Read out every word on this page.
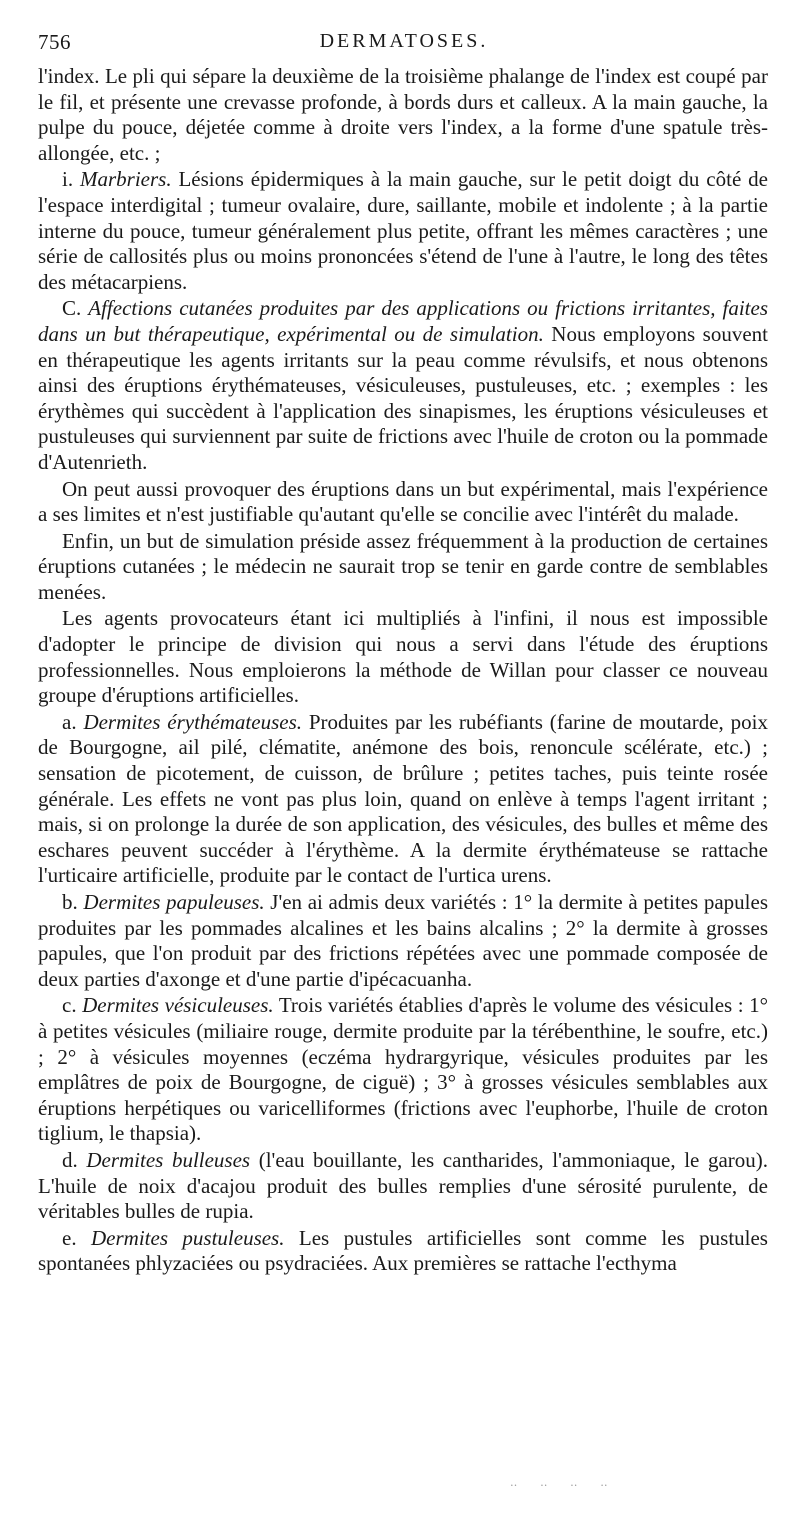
756	DERMATOSES.

l'index. Le pli qui sépare la deuxième de la troisième phalange de l'index est coupé par le fil, et présente une crevasse profonde, à bords durs et calleux. A la main gauche, la pulpe du pouce, déjetée comme à droite vers l'index, a la forme d'une spatule très-allongée, etc. ;

i. Marbriers. Lésions épidermiques à la main gauche, sur le petit doigt du côté de l'espace interdigital ; tumeur ovalaire, dure, saillante, mobile et indolente ; à la partie interne du pouce, tumeur généralement plus petite, offrant les mêmes caractères ; une série de callosités plus ou moins prononcées s'étend de l'une à l'autre, le long des têtes des métacarpiens.

C. Affections cutanées produites par des applications ou frictions irritantes, faites dans un but thérapeutique, expérimental ou de simulation. Nous employons souvent en thérapeutique les agents irritants sur la peau comme révulsifs, et nous obtenons ainsi des éruptions érythémateuses, vésiculeuses, pustuleuses, etc. ; exemples : les érythèmes qui succèdent à l'application des sinapismes, les éruptions vésiculeuses et pustuleuses qui surviennent par suite de frictions avec l'huile de croton ou la pommade d'Autenrieth.

On peut aussi provoquer des éruptions dans un but expérimental, mais l'expérience a ses limites et n'est justifiable qu'autant qu'elle se concilie avec l'intérêt du malade.

Enfin, un but de simulation préside assez fréquemment à la production de certaines éruptions cutanées ; le médecin ne saurait trop se tenir en garde contre de semblables menées.

Les agents provocateurs étant ici multipliés à l'infini, il nous est impossible d'adopter le principe de division qui nous a servi dans l'étude des éruptions professionnelles. Nous emploierons la méthode de Willan pour classer ce nouveau groupe d'éruptions artificielles.

a. Dermites érythémateuses. Produites par les rubéfiants (farine de moutarde, poix de Bourgogne, ail pilé, clématite, anémone des bois, renoncule scélérate, etc.) ; sensation de picotement, de cuisson, de brûlure ; petites taches, puis teinte rosée générale. Les effets ne vont pas plus loin, quand on enlève à temps l'agent irritant ; mais, si on prolonge la durée de son application, des vésicules, des bulles et même des eschares peuvent succéder à l'érythème. A la dermite érythémateuse se rattache l'urticaire artificielle, produite par le contact de l'urtica urens.

b. Dermites papuleuses. J'en ai admis deux variétés : 1° la dermite à petites papules produites par les pommades alcalines et les bains alcalins ; 2° la dermite à grosses papules, que l'on produit par des frictions répétées avec une pommade composée de deux parties d'axonge et d'une partie d'ipécacuanha.

c. Dermites vésiculeuses. Trois variétés établies d'après le volume des vésicules : 1° à petites vésicules (miliaire rouge, dermite produite par la térébenthine, le soufre, etc.) ; 2° à vésicules moyennes (eczéma hydrargyrique, vésicules produites par les emplâtres de poix de Bourgogne, de ciguë) ; 3° à grosses vésicules semblables aux éruptions herpétiques ou varicelliformes (frictions avec l'euphorbe, l'huile de croton tiglium, le thapsia).

d. Dermites bulleuses (l'eau bouillante, les cantharides, l'ammoniaque, le garou). L'huile de noix d'acajou produit des bulles remplies d'une sérosité purulente, de véritables bulles de rupia.

e. Dermites pustuleuses. Les pustules artificielles sont comme les pustules spontanées phlyzaciées ou psydraciées. Aux premières se rattache l'ecthyma

‥ ‥ ‥ ‥
